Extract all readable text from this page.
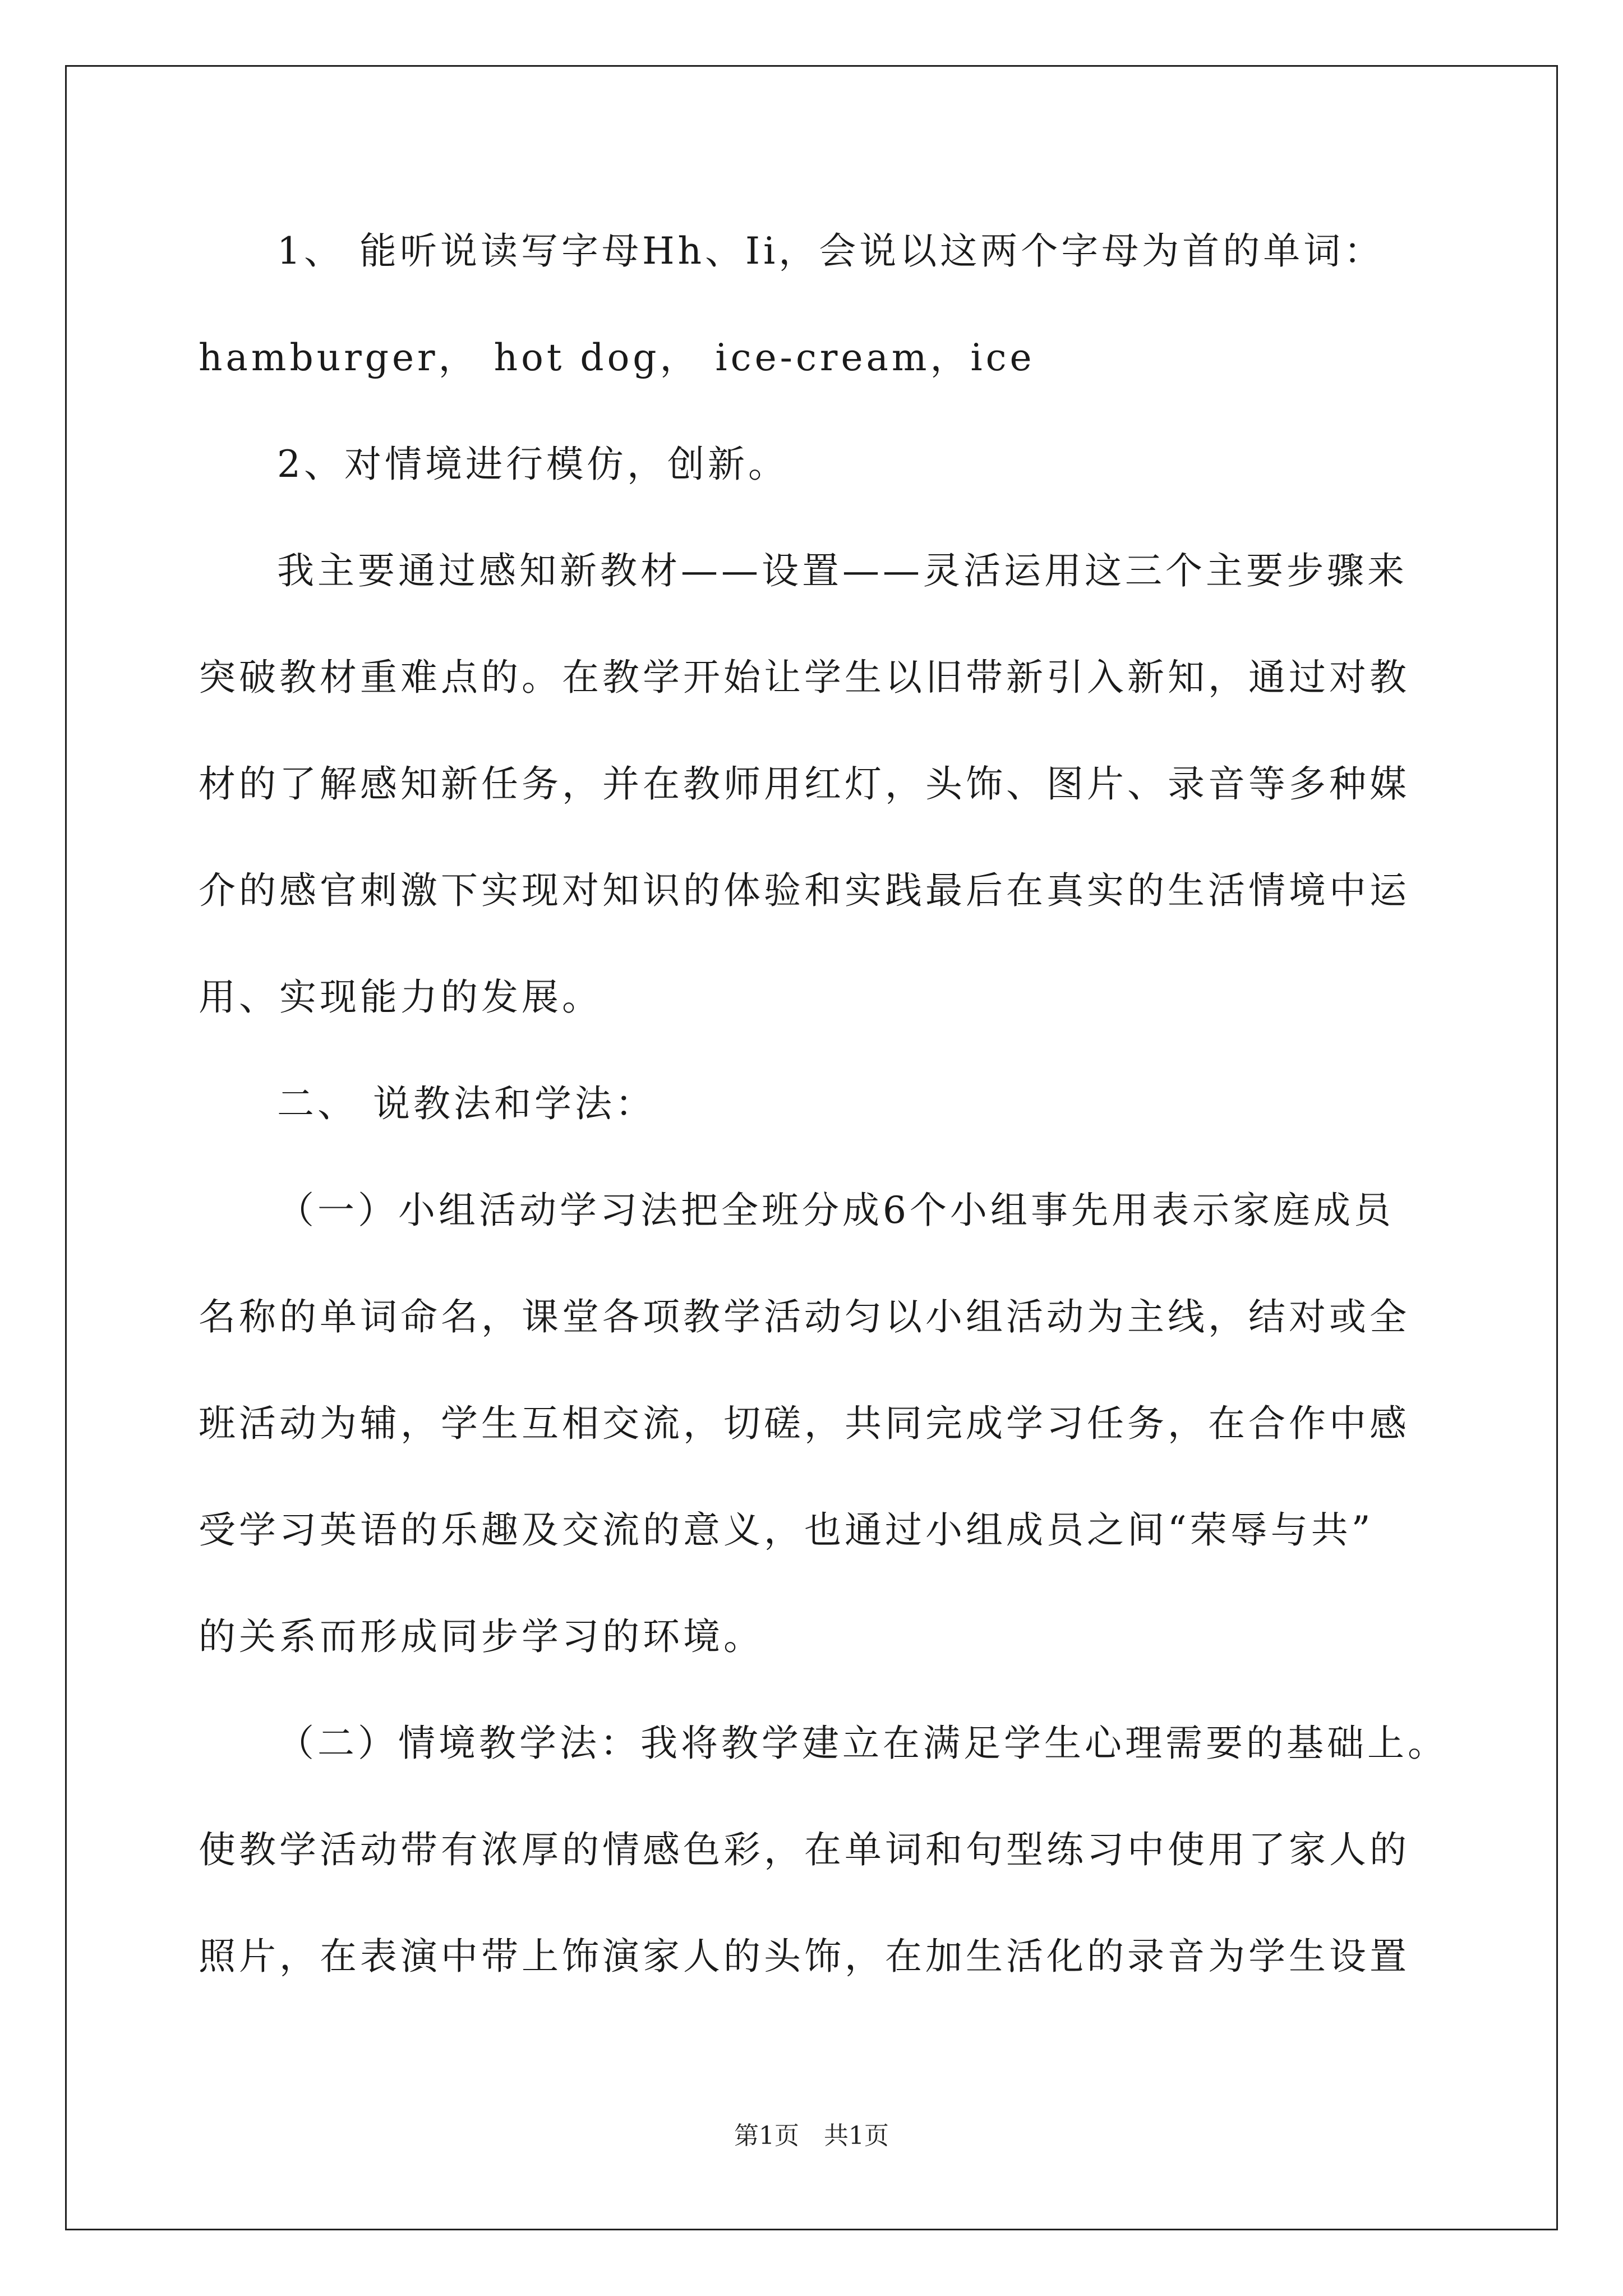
1、 能听说读写字母Hh、Ii，会说以这两个字母为首的单词：

hamburger， hot dog， ice-cream，ice

2、对情境进行模仿，创新。

我主要通过感知新教材——设置——灵活运用这三个主要步骤来

突破教材重难点的。在教学开始让学生以旧带新引入新知，通过对教

材的了解感知新任务，并在教师用红灯，头饰、图片、录音等多种媒

介的感官刺激下实现对知识的体验和实践最后在真实的生活情境中运

用、实现能力的发展。

二、 说教法和学法：

（一）小组活动学习法把全班分成6个小组事先用表示家庭成员

名称的单词命名，课堂各项教学活动匀以小组活动为主线，结对或全

班活动为辅，学生互相交流，切磋，共同完成学习任务，在合作中感

受学习英语的乐趣及交流的意义，也通过小组成员之间“荣辱与共”

的关系而形成同步学习的环境。

（二）情境教学法：我将教学建立在满足学生心理需要的基础上。

使教学活动带有浓厚的情感色彩，在单词和句型练习中使用了家人的

照片，在表演中带上饰演家人的头饰，在加生活化的录音为学生设置

第1页　共1页
